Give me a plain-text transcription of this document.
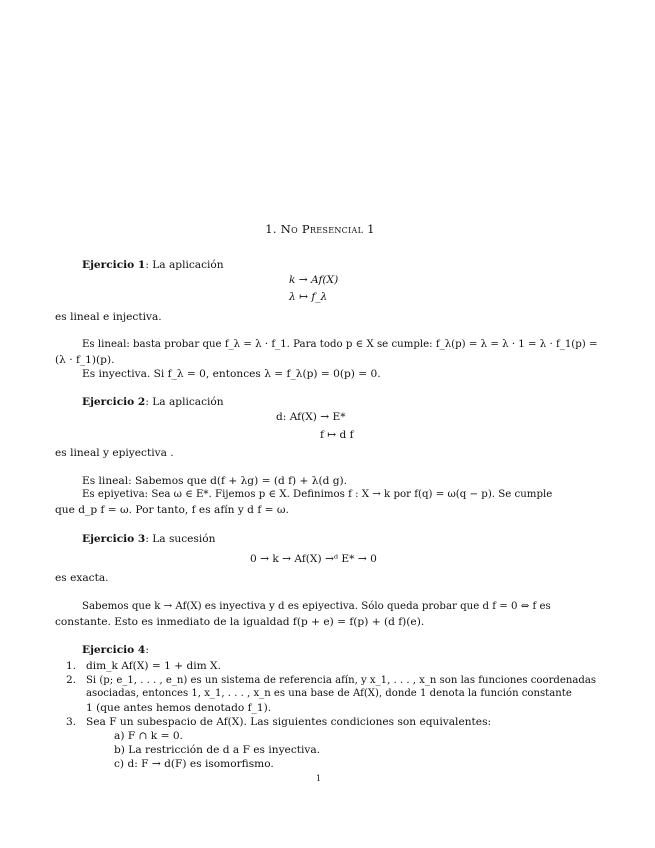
1. No Presencial 1
Ejercicio 1: La aplicación
k → Af(X)
λ ↦ f_λ
es lineal e injectiva.
Es lineal: basta probar que f_λ = λ · f_1. Para todo p ∈ X se cumple: f_λ(p) = λ = λ · 1 = λ · f_1(p) =
(λ · f_1)(p).
Es inyectiva. Si f_λ = 0, entonces λ = f_λ(p) = 0(p) = 0.
Ejercicio 2: La aplicación
d: Af(X) → E*
f ↦ d f
es lineal y epiyectiva .
Es lineal: Sabemos que d(f + λg) = (d f) + λ(d g).
Es epiyetiva: Sea ω ∈ E*. Fijemos p ∈ X. Definimos f : X → k por f(q) = ω(q − p). Se cumple
que d_p f = ω. Por tanto, f es afín y d f = ω.
Ejercicio 3: La sucesión
0 → k → Af(X) →ᵈ E* → 0
es exacta.
Sabemos que k → Af(X) es inyectiva y d es epiyectiva. Sólo queda probar que d f = 0 ⇔ f es
constante. Esto es inmediato de la igualdad f(p + e) = f(p) + (d f)(e).
Ejercicio 4:
1. dim_k Af(X) = 1 + dim X.
2. Si (p; e_1, . . . , e_n) es un sistema de referencia afín, y x_1, . . . , x_n son las funciones coordenadas
asociadas, entonces 1, x_1, . . . , x_n es una base de Af(X), donde 1 denota la función constante
1 (que antes hemos denotado f_1).
3. Sea F un subespacio de Af(X). Las siguientes condiciones son equivalentes:
a) F ∩ k = 0.
b) La restricción de d a F es inyectiva.
c) d: F → d(F) es isomorfismo.
1
